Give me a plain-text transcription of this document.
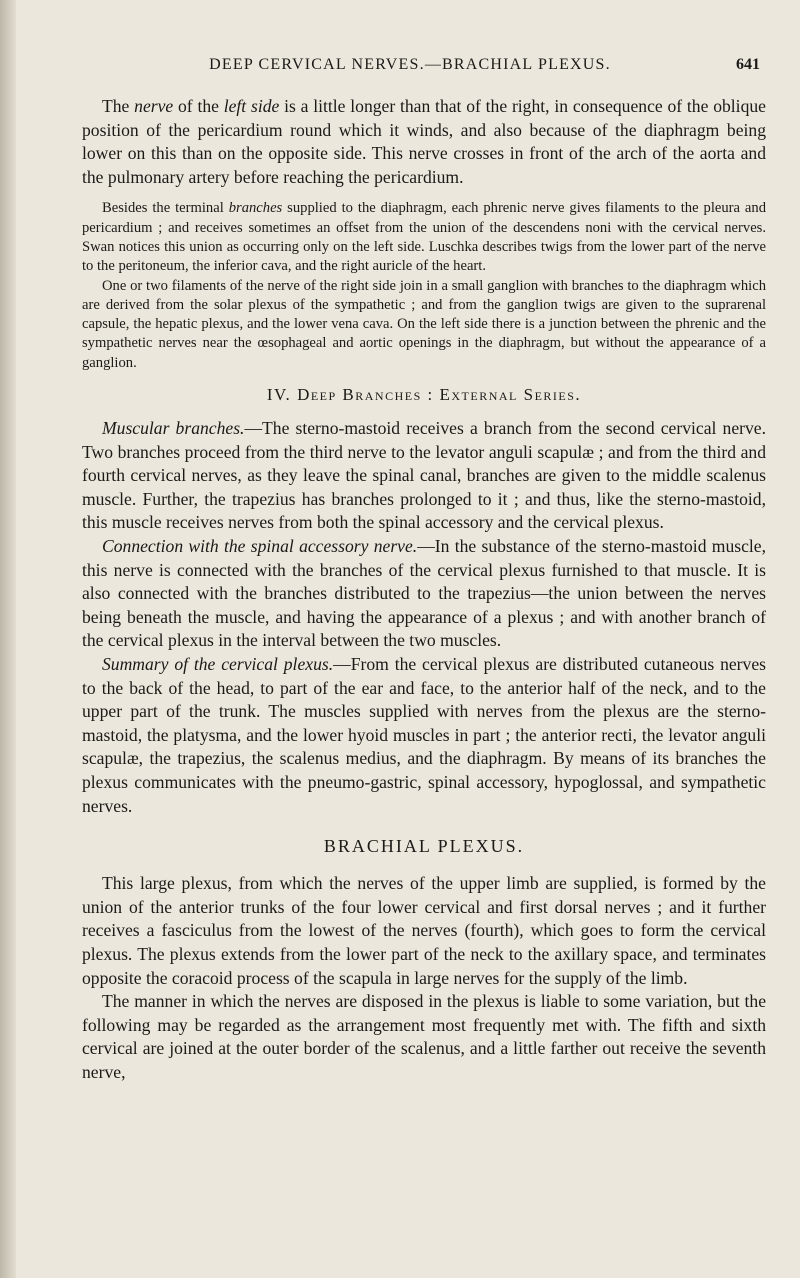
DEEP CERVICAL NERVES.—BRACHIAL PLEXUS.	641

The nerve of the left side is a little longer than that of the right, in consequence of the oblique position of the pericardium round which it winds, and also because of the diaphragm being lower on this than on the opposite side. This nerve crosses in front of the arch of the aorta and the pulmonary artery before reaching the pericardium.

Besides the terminal branches supplied to the diaphragm, each phrenic nerve gives filaments to the pleura and pericardium ; and receives sometimes an offset from the union of the descendens noni with the cervical nerves. Swan notices this union as occurring only on the left side. Luschka describes twigs from the lower part of the nerve to the peritoneum, the inferior cava, and the right auricle of the heart.

One or two filaments of the nerve of the right side join in a small ganglion with branches to the diaphragm which are derived from the solar plexus of the sympathetic ; and from the ganglion twigs are given to the suprarenal capsule, the hepatic plexus, and the lower vena cava. On the left side there is a junction between the phrenic and the sympathetic nerves near the œsophageal and aortic openings in the diaphragm, but without the appearance of a ganglion.

IV. Deep Branches : External Series.

Muscular branches.—The sterno-mastoid receives a branch from the second cervical nerve. Two branches proceed from the third nerve to the levator anguli scapulæ ; and from the third and fourth cervical nerves, as they leave the spinal canal, branches are given to the middle scalenus muscle. Further, the trapezius has branches prolonged to it ; and thus, like the sterno-mastoid, this muscle receives nerves from both the spinal accessory and the cervical plexus.

Connection with the spinal accessory nerve.—In the substance of the sterno-mastoid muscle, this nerve is connected with the branches of the cervical plexus furnished to that muscle. It is also connected with the branches distributed to the trapezius—the union between the nerves being beneath the muscle, and having the appearance of a plexus ; and with another branch of the cervical plexus in the interval between the two muscles.

Summary of the cervical plexus.—From the cervical plexus are distributed cutaneous nerves to the back of the head, to part of the ear and face, to the anterior half of the neck, and to the upper part of the trunk. The muscles supplied with nerves from the plexus are the sterno-mastoid, the platysma, and the lower hyoid muscles in part ; the anterior recti, the levator anguli scapulæ, the trapezius, the scalenus medius, and the diaphragm. By means of its branches the plexus communicates with the pneumo-gastric, spinal accessory, hypoglossal, and sympathetic nerves.

BRACHIAL PLEXUS.

This large plexus, from which the nerves of the upper limb are supplied, is formed by the union of the anterior trunks of the four lower cervical and first dorsal nerves ; and it further receives a fasciculus from the lowest of the nerves (fourth), which goes to form the cervical plexus. The plexus extends from the lower part of the neck to the axillary space, and terminates opposite the coracoid process of the scapula in large nerves for the supply of the limb.

The manner in which the nerves are disposed in the plexus is liable to some variation, but the following may be regarded as the arrangement most frequently met with. The fifth and sixth cervical are joined at the outer border of the scalenus, and a little farther out receive the seventh nerve,
